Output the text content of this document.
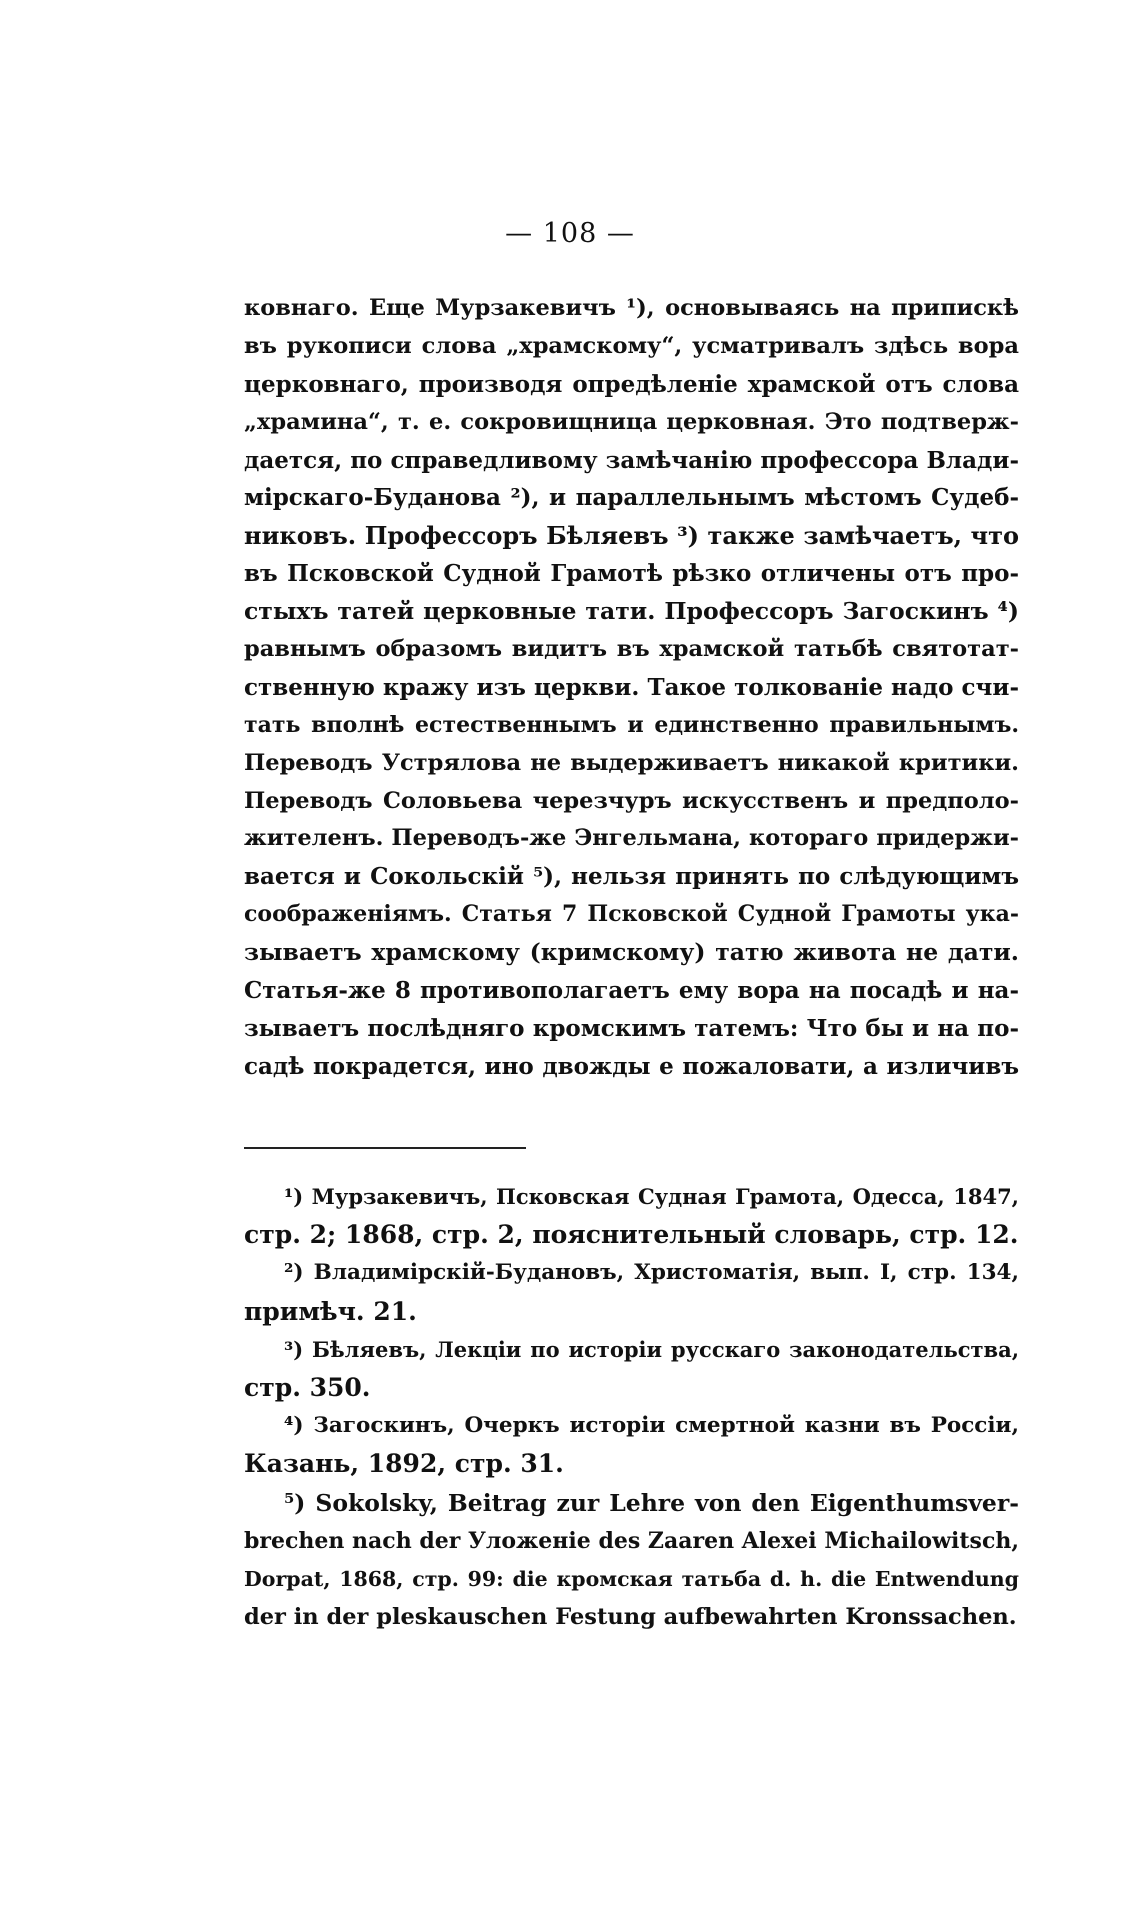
— 108 —
ковнаго. Еще Мурзакевичъ ¹), основываясь на припискѣ
въ рукописи слова „храмскому“, усматривалъ здѣсь вора
церковнаго, производя опредѣленіе храмской отъ слова
„хрaмина“, т. е. сокровищница церковная. Это подтверж-
дается, по справедливому замѣчанію профессора Влади-
мірскаго-Буданова ²), и параллельнымъ мѣстомъ Судеб-
никовъ. Профессоръ Бѣляевъ ³) также замѣчаетъ, что
въ Псковской Судной Грамотѣ рѣзко отличены отъ про-
стыхъ татей церковные тати. Профессоръ Загоскинъ ⁴)
равнымъ образомъ видитъ въ храмской татьбѣ святотат-
ственную кражу изъ церкви. Такое толкованіе надо счи-
тать вполнѣ естественнымъ и единственно правильнымъ.
Переводъ Устрялова не выдерживаетъ никакой критики.
Переводъ Соловьева черезчуръ искусственъ и предполо-
жителенъ. Переводъ-же Энгельмана, котораго придержи-
вается и Сокольскій ⁵), нельзя принять по слѣдующимъ
соображеніямъ. Статья 7 Псковской Судной Грамоты ука-
зываетъ храмскому (кримскому) татю живота не дати.
Статья-же 8 противополагаетъ ему вора на посадѣ и на-
зываетъ послѣдняго кромскимъ татемъ: Что бы и на по-
садѣ покрадется, ино двожды е пожаловати, а изличивъ
¹) Мурзакевичъ, Псковская Судная Грамота, Одесса, 1847,
стр. 2; 1868, стр. 2, пояснительный словарь, стр. 12.
²) Владимірскій-Будановъ, Христоматія, вып. I, стр. 134,
примѣч. 21.
³) Бѣляевъ, Лекціи по исторіи русскаго законодательства,
стр. 350.
⁴) Загоскинъ, Очеркъ исторіи смертной казни въ Россіи,
Казань, 1892, стр. 31.
⁵) Sokolsky, Beitrag zur Lehre von den Eigenthumsver-
brechen nach der Уложеніе des Zaaren Alexei Michailowitsch,
Dorpat, 1868, стр. 99: die кромская татьба d. h. die Entwendung
der in der pleskauschen Festung aufbewahrten Kronssachen.
